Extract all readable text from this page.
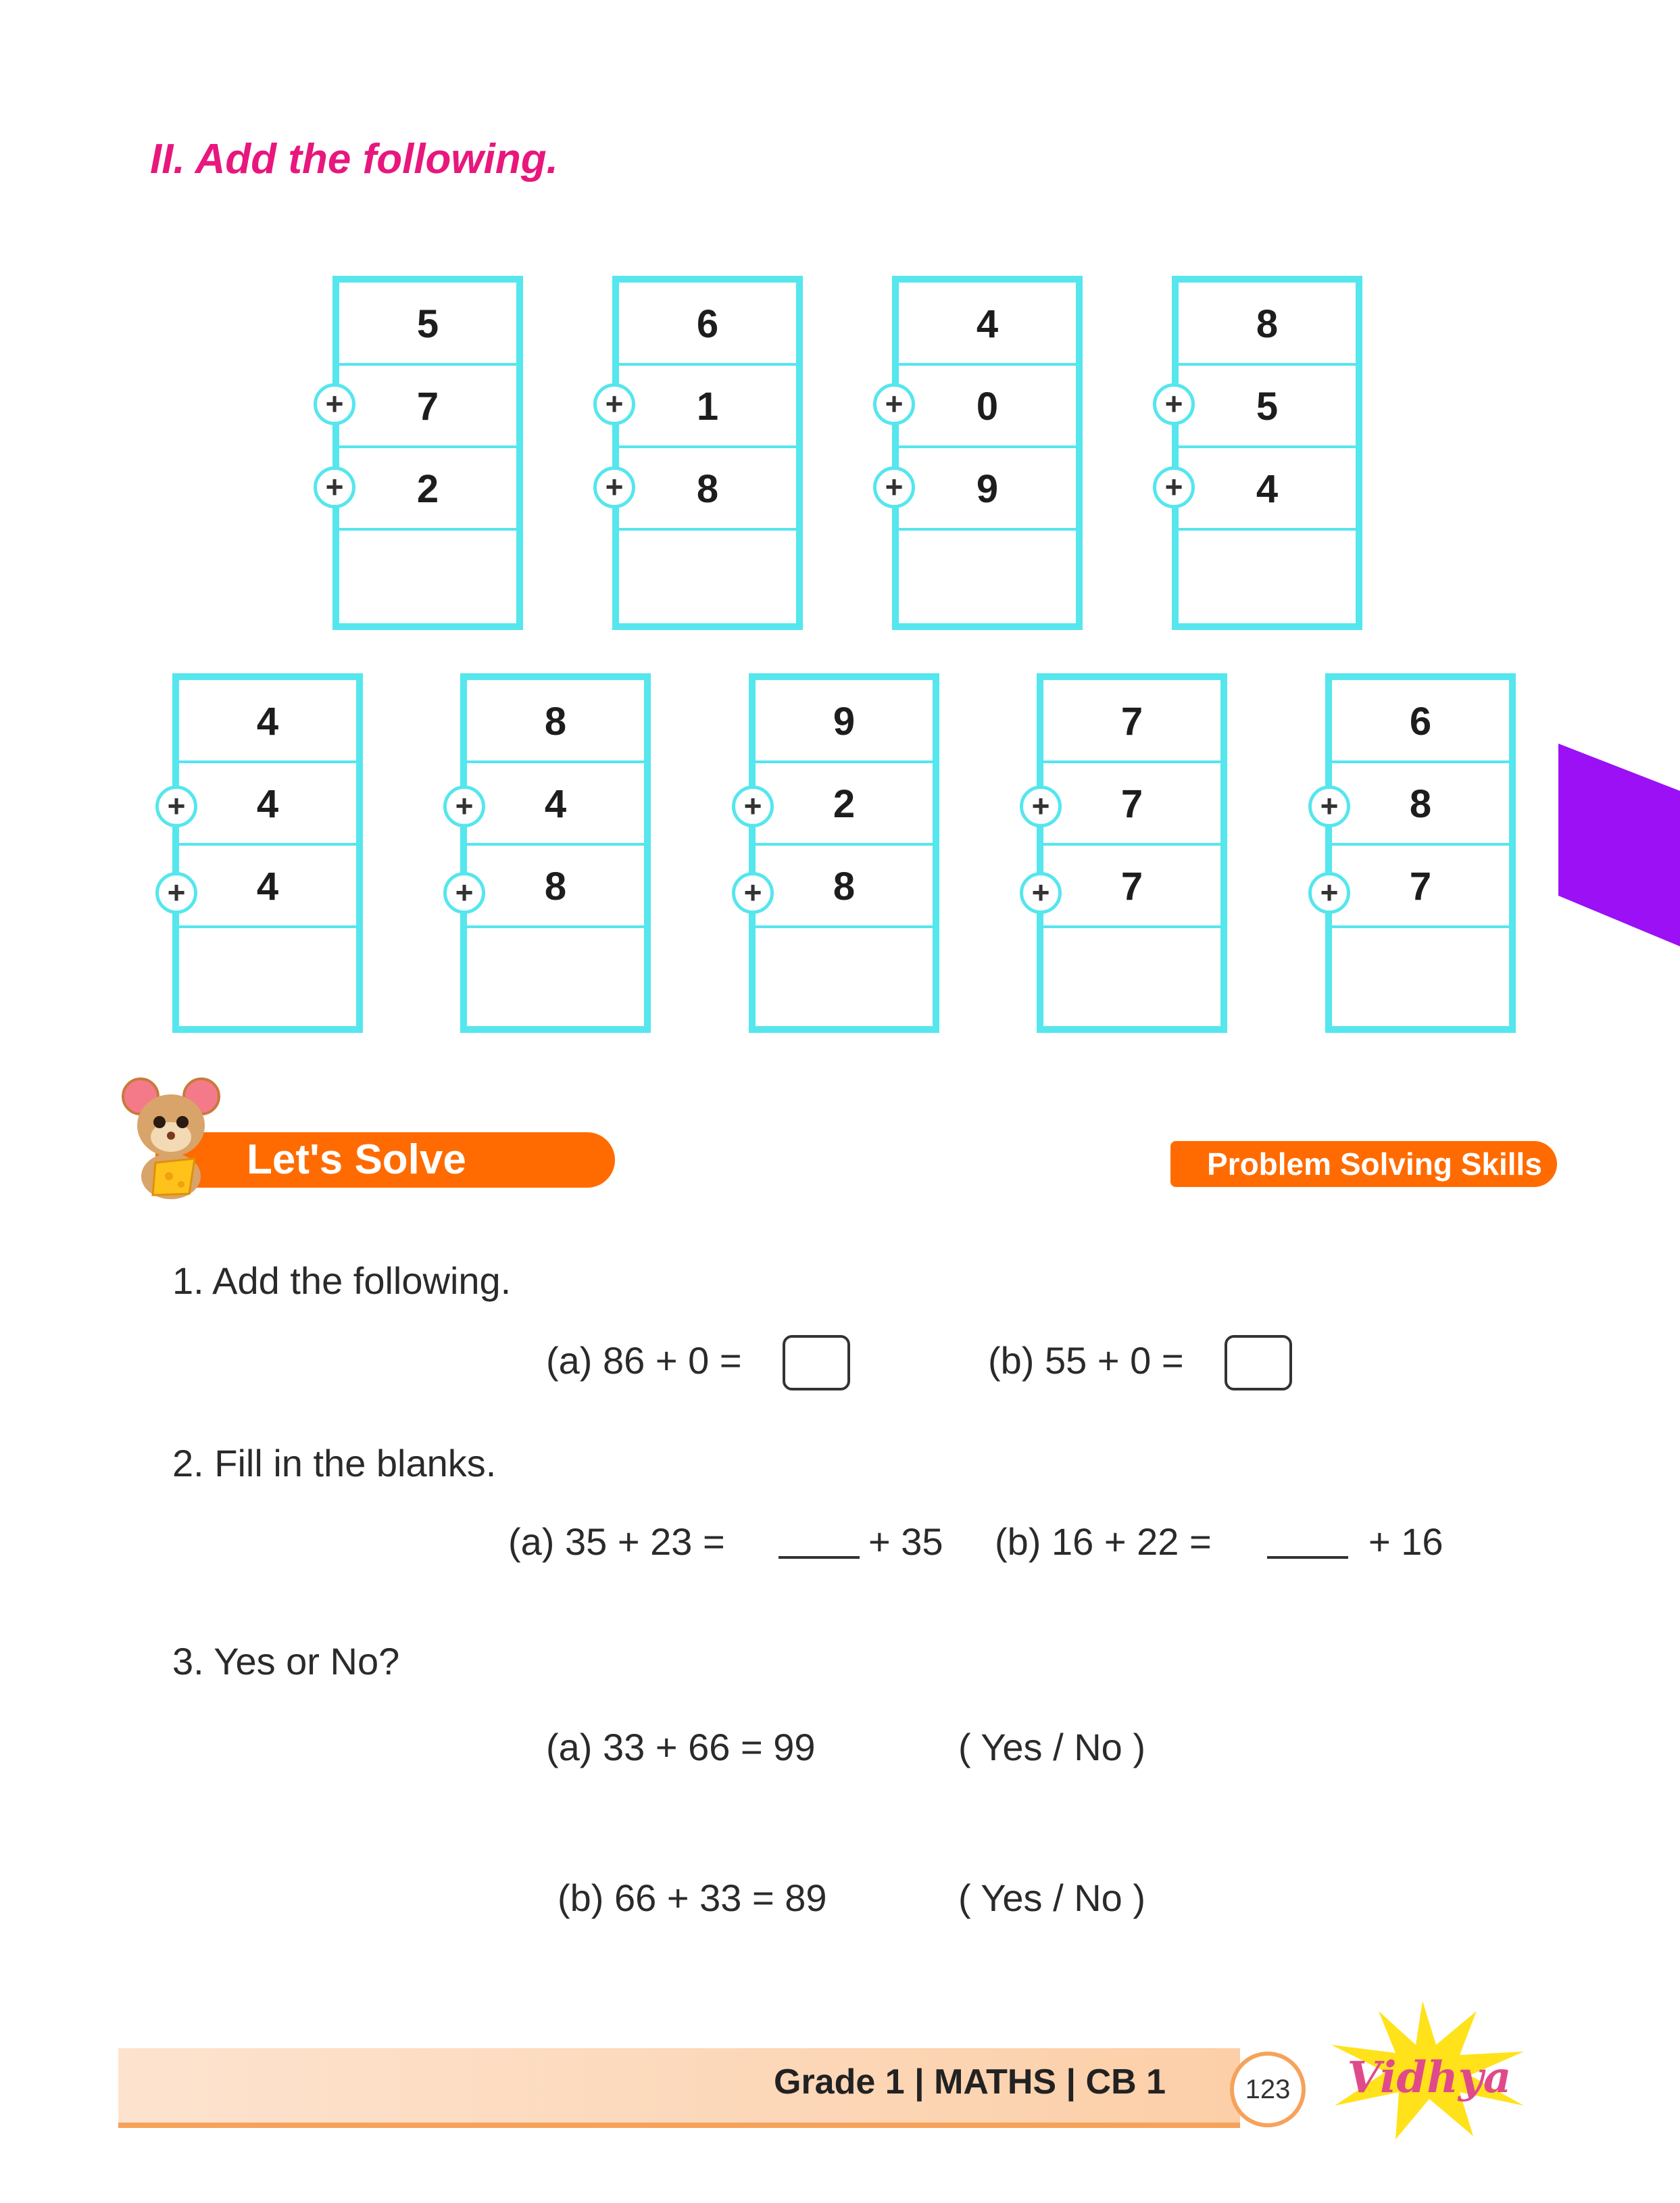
II. Add the following.
5
7
2
+
+
6
1
8
+
+
4
0
9
+
+
8
5
4
+
+
4
4
4
+
+
8
4
8
+
+
9
2
8
+
+
7
7
7
+
+
6
8
7
+
+
Let's Solve	Problem Solving Skills
1. Add the following.
(a) 86 + 0 =	(b) 55 + 0 =
2. Fill in the blanks.
(a) 35 + 23 =	+ 35 (b) 16 + 22 =	+ 16
3. Yes or No?
(a) 33 + 66 = 99	( Yes / No )
(b) 66 + 33 = 89	( Yes / No )
Grade 1 | MATHS | CB 1	123	Vidhya
